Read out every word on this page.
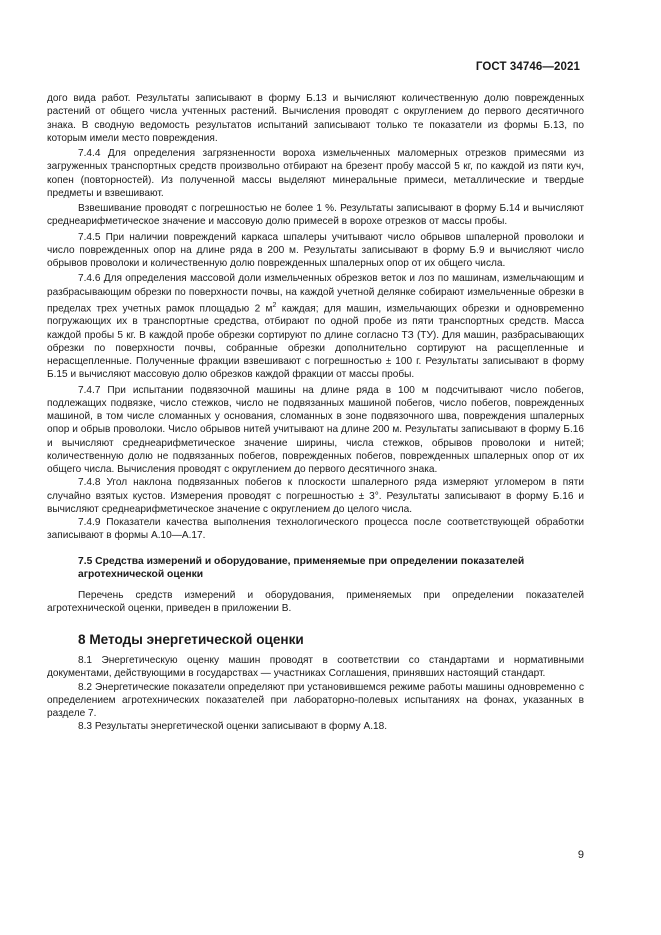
ГОСТ 34746—2021

дого вида работ. Результаты записывают в форму Б.13 и вычисляют количественную долю поврежденных растений от общего числа учтенных растений. Вычисления проводят с округлением до первого десятичного знака. В сводную ведомость результатов испытаний записывают только те показатели из формы Б.13, по которым имели место повреждения.

7.4.4 Для определения загрязненности вороха измельченных маломерных отрезков примесями из загруженных транспортных средств произвольно отбирают на брезент пробу массой 5 кг, по каждой из пяти куч, копен (повторностей). Из полученной массы выделяют минеральные примеси, металлические и твердые предметы и взвешивают.

Взвешивание проводят с погрешностью не более 1 %. Результаты записывают в форму Б.14 и вычисляют среднеарифметическое значение и массовую долю примесей в ворохе отрезков от массы пробы.

7.4.5 При наличии повреждений каркаса шпалеры учитывают число обрывов шпалерной проволоки и число поврежденных опор на длине ряда в 200 м. Результаты записывают в форму Б.9 и вычисляют число обрывов проволоки и количественную долю поврежденных шпалерных опор от их общего числа.

7.4.6 Для определения массовой доли измельченных обрезков веток и лоз по машинам, измельчающим и разбрасывающим обрезки по поверхности почвы, на каждой учетной делянке собирают измельченные обрезки в пределах трех учетных рамок площадью 2 $м^2$ каждая; для машин, измельчающих обрезки и одновременно погружающих их в транспортные средства, отбирают по одной пробе из пяти транспортных средств. Масса каждой пробы 5 кг. В каждой пробе обрезки сортируют по длине согласно ТЗ (ТУ). Для машин, разбрасывающих обрезки по поверхности почвы, собранные обрезки дополнительно сортируют на расщепленные и нерасщепленные. Полученные фракции взвешивают с погрешностью ± 100 г. Результаты записывают в форму Б.15 и вычисляют массовую долю обрезков каждой фракции от массы пробы.

7.4.7 При испытании подвязочной машины на длине ряда в 100 м подсчитывают число побегов, подлежащих подвязке, число стежков, число не подвязанных машиной побегов, число побегов, поврежденных машиной, в том числе сломанных у основания, сломанных в зоне подвязочного шва, повреждения шпалерных опор и обрыв проволоки. Число обрывов нитей учитывают на длине 200 м. Результаты записывают в форму Б.16 и вычисляют среднеарифметическое значение ширины, числа стежков, обрывов проволоки и нитей; количественную долю не подвязанных побегов, поврежденных побегов, поврежденных шпалерных опор от их общего числа. Вычисления проводят с округлением до первого десятичного знака.

7.4.8 Угол наклона подвязанных побегов к плоскости шпалерного ряда измеряют угломером в пяти случайно взятых кустов. Измерения проводят с погрешностью ± 3°. Результаты записывают в форму Б.16 и вычисляют среднеарифметическое значение с округлением до целого числа.

7.4.9 Показатели качества выполнения технологического процесса после соответствующей обработки записывают в формы А.10—А.17.

7.5 Средства измерений и оборудование, применяемые при определении показателей агротехнической оценки

Перечень средств измерений и оборудования, применяемых при определении показателей агротехнической оценки, приведен в приложении В.

8 Методы энергетической оценки

8.1 Энергетическую оценку машин проводят в соответствии со стандартами и нормативными документами, действующими в государствах — участниках Соглашения, принявших настоящий стандарт.

8.2 Энергетические показатели определяют при установившемся режиме работы машины одновременно с определением агротехнических показателей при лабораторно-полевых испытаниях на фонах, указанных в разделе 7.

8.3 Результаты энергетической оценки записывают в форму А.18.

9
